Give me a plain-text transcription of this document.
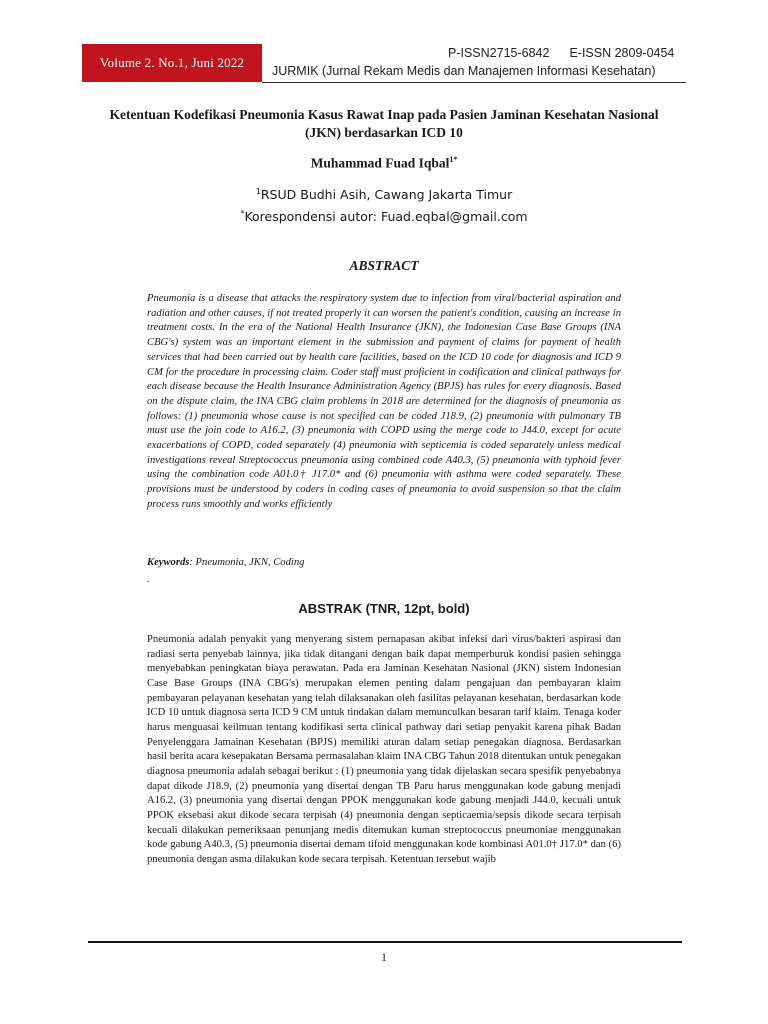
Volume 2. No.1, Juni 2022
P-ISSN2715-6842 E-ISSN 2809-0454
JURMIK (Jurnal Rekam Medis dan Manajemen Informasi Kesehatan)
Ketentuan Kodefikasi Pneumonia Kasus Rawat Inap pada Pasien Jaminan Kesehatan Nasional (JKN) berdasarkan ICD 10
Muhammad Fuad Iqbal$^{1*}$
$^1$RSUD Budhi Asih, Cawang Jakarta Timur
*Korespondensi autor: Fuad.eqbal@gmail.com
ABSTRACT

Pneumonia is a disease that attacks the respiratory system due to infection from viral/bacterial aspiration and radiation and other causes, if not treated properly it can worsen the patient's condition, causing an increase in treatment costs. In the era of the National Health Insurance (JKN), the Indonesian Case Base Groups (INA CBG's) system was an important element in the submission and payment of claims for payment of health services that had been carried out by health care facilities, based on the ICD 10 code for diagnosis and ICD 9 CM for the procedure in processing claim. Coder staff must proficient in codification and clinical pathways for each disease because the Health Insurance Administration Agency (BPJS) has rules for every diagnosis. Based on the dispute claim, the INA CBG claim problems in 2018 are determined for the diagnosis of pneumonia as follows: (1) pneumonia whose cause is not specified can be coded J18.9, (2) pneumonia with pulmonary TB must use the join code to A16.2, (3) pneumonia with COPD using the merge code to J44.0, except for acute exacerbations of COPD, coded separately (4) pneumonia with septicemia is coded separately unless medical investigations reveal Streptococcus pneumonia using combined code A40.3, (5) pneumonia with typhoid fever using the combination code A01.0† J17.0* and (6) pneumonia with asthma were coded separately. These provisions must be understood by coders in coding cases of pneumonia to avoid suspension so that the claim process runs smoothly and works efficiently

Keywords: Pneumonia, JKN, Coding
.
ABSTRAK (TNR, 12pt, bold)

Pneumonia adalah penyakit yang menyerang sistem pernapasan akibat infeksi dari virus/bakteri aspirasi dan radiasi serta penyebab lainnya, jika tidak ditangani dengan baik dapat memperburuk kondisi pasien sehingga menyebabkan peningkatan biaya perawatan. Pada era Jaminan Kesehatan Nasional (JKN) sistem Indonesian Case Base Groups (INA CBG's) merupakan elemen penting dalam pengajuan dan pembayaran klaim pembayaran pelayanan kesehatan yang telah dilaksanakan oleh fasilitas pelayanan kesehatan, berdasarkan kode ICD 10 untuk diagnosa serta ICD 9 CM untuk tindakan dalam memunculkan besaran tarif klaim. Tenaga koder harus menguasai keilmuan tentang kodifikasi serta clinical pathway dari setiap penyakit karena pihak Badan Penyelenggara Jamainan Kesehatan (BPJS) memiliki aturan dalam setiap penegakan diagnosa. Berdasarkan hasil berita acara kesepakatan Bersama permasalahan klaim INA CBG Tahun 2018 ditentukan untuk penegakan diagnosa pneumonia adalah sebagai berikut : (1) pneumonia yang tidak dijelaskan secara spesifik penyebabnya dapat dikode J18.9, (2) pneumonia yang disertai dengan TB Paru harus menggunakan kode gabung menjadi A16.2, (3) pneumonia yang disertai dengan PPOK menggunakan kode gabung menjadi J44.0, kecuali untuk PPOK eksebasi akut dikode secara terpisah (4) pneumonia dengan septicaemia/sepsis dikode secara terpisah kecuali dilakukan pemeriksaan penunjang medis ditemukan kuman streptococcus pneumoniae menggunakan kode gabung A40.3, (5) pneumonia disertai demam tifoid menggunakan kode kombinasi A01.0† J17.0* dan (6) pneumonia dengan asma dilakukan kode secara terpisah. Ketentuan tersebut wajib

1
